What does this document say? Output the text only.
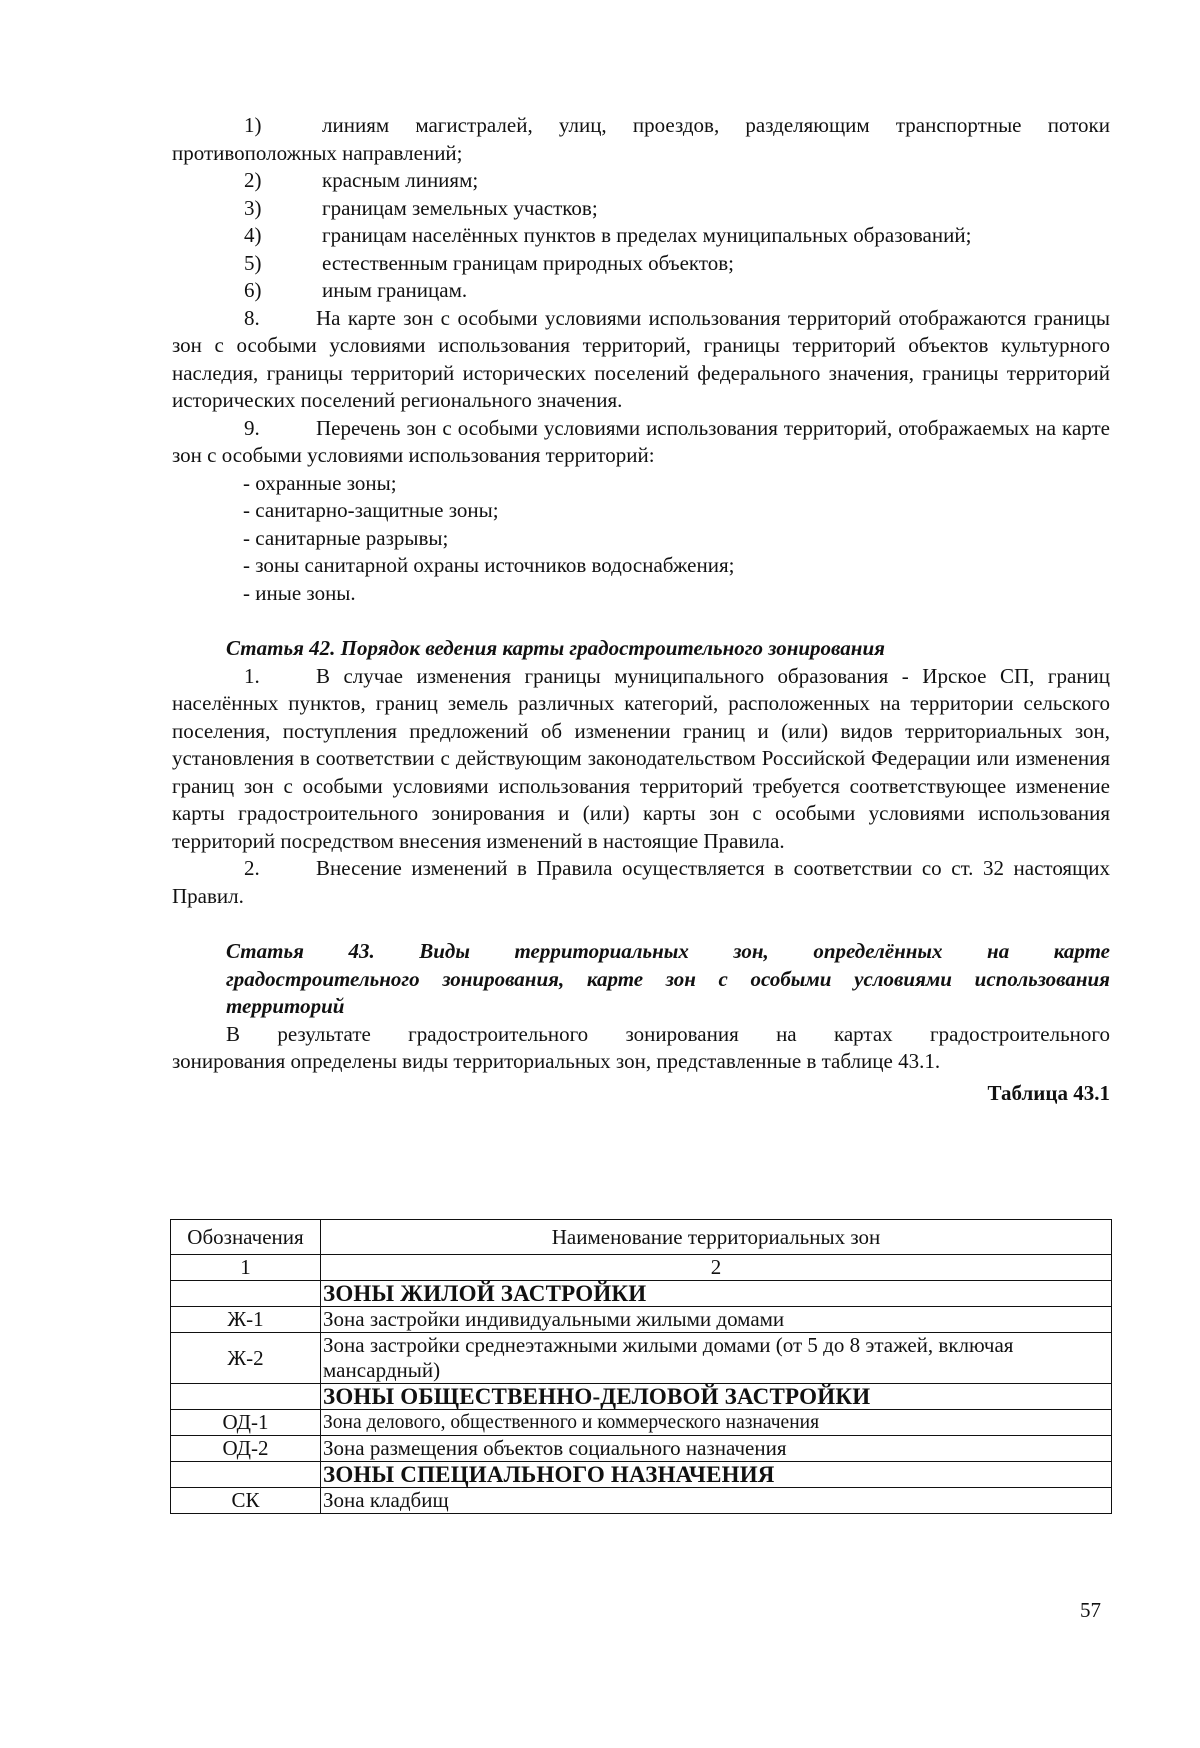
1)	линиям магистралей, улиц, проездов, разделяющим транспортные потоки

противоположных направлений;

2)	красным линиям;

3)	границам земельных участков;

4)	границам населённых пунктов в пределах муниципальных образований;

5)	естественным границам природных объектов;

6)	иным границам.

8.	На карте зон с особыми условиями использования территорий отображаются границы зон с особыми условиями использования территорий, границы территорий объектов культурного наследия, границы территорий исторических поселений федерального значения, границы территорий исторических поселений регионального значения.

9.	Перечень зон с особыми условиями использования территорий, отображаемых на карте зон с особыми условиями использования территорий:

- охранные зоны;

- санитарно-защитные зоны;

- санитарные разрывы;

- зоны санитарной охраны источников водоснабжения;

- иные зоны.

Статья 42. Порядок ведения карты градостроительного зонирования

1.	В случае изменения границы муниципального образования - Ирское СП, границ населённых пунктов, границ земель различных категорий, расположенных на территории сельского поселения, поступления предложений об изменении границ и (или) видов территориальных зон, установления в соответствии с действующим законодательством Российской Федерации или изменения границ зон с особыми условиями использования территорий требуется соответствующее изменение карты градостроительного зонирования и (или) карты зон с особыми условиями использования территорий посредством внесения изменений в настоящие Правила.

2.	Внесение изменений в Правила осуществляется в соответствии со ст. 32 настоящих Правил.

Статья 43. Виды территориальных зон, определённых на карте

градостроительного зонирования, карте зон с особыми условиями использования

территорий

В результате градостроительного зонирования на картах градостроительного

зонирования определены виды территориальных зон, представленные в таблице 43.1.

Таблица 43.1

Обозначения	Наименование территориальных зон
1	2
	ЗОНЫ ЖИЛОЙ ЗАСТРОЙКИ
Ж-1	Зона застройки индивидуальными жилыми домами
Ж-2	Зона застройки среднеэтажными жилыми домами (от 5 до 8 этажей, включая мансардный)
	ЗОНЫ ОБЩЕСТВЕННО-ДЕЛОВОЙ ЗАСТРОЙКИ
ОД-1	Зона делового, общественного и коммерческого назначения
ОД-2	Зона размещения объектов социального назначения
	ЗОНЫ СПЕЦИАЛЬНОГО НАЗНАЧЕНИЯ
СК	Зона кладбищ
57
